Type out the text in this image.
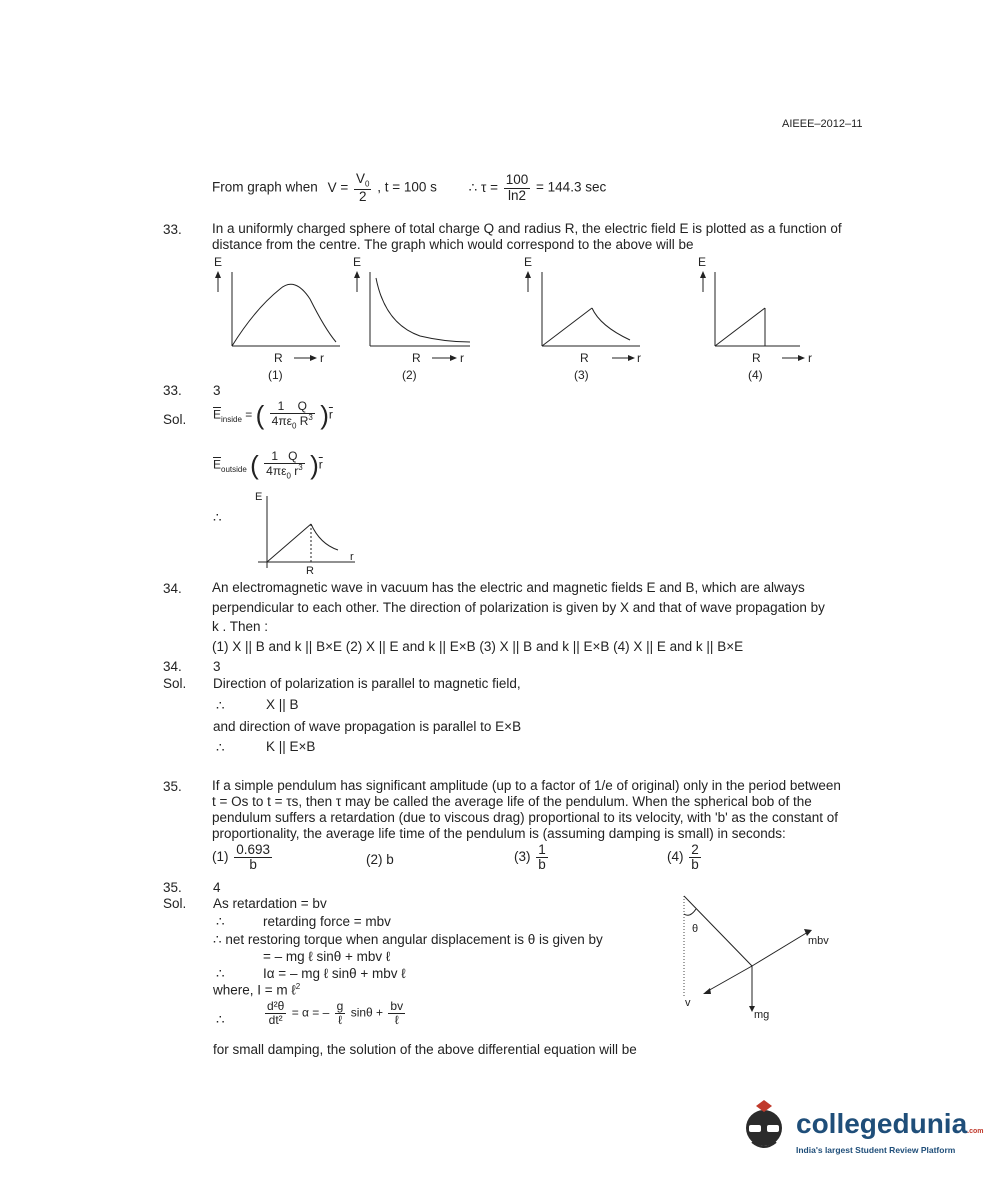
AIEEE–2012–11
From graph when $V = \frac{V_0}{2}$ , t = 100 s ∴ $\tau = \frac{100}{\ln 2} = 144.3$ sec
33. In a uniformly charged sphere of total charge Q and radius R, the electric field E is plotted as a function of distance from the centre. The graph which would correspond to the above will be
E
R	r
(1)
E
R	r
(2)
E
R	r
(3)
E
R	r
(4)
33. 3
Sol. $\overline{E}_{inside}$ = ( $\frac{1 Q}{4\pi\varepsilon_0 R^3} )\overline{r}$
$\overline{E}_{outside}$ ( $\frac{1 Q}{4\pi\varepsilon_0 r^3} )\overline{r}$
∴
E
r
R
34. An electromagnetic wave in vacuum has the electric and magnetic fields E and B, which are always
perpendicular to each other. The direction of polarization is given by X and that of wave propagation by
k . Then :
(1) X || B and k || B×E (2) X || E and k || E×B (3) X || B and k || E×B (4) X || E and k || B×E
34. 3
Sol. Direction of polarization is parallel to magnetic field,
∴	X || B
and direction of wave propagation is parallel to E×B
∴	K || E×B
35. If a simple pendulum has significant amplitude (up to a factor of 1/e of original) only in the period between
t = Os to t = τs, then τ may be called the average life of the pendulum. When the spherical bob of the
pendulum suffers a retardation (due to viscous drag) proportional to its velocity, with 'b' as the constant of
proportionality, the average life time of the pendulum is (assuming damping is small) in seconds:
$(1) \frac{0.693}{b}$	(2) b	$(3) \frac{1}{b}$	$(4) \frac{2}{b}$
35. 4
Sol. As retardation = bv
∴	retarding force = mbv
∴ net restoring torque when angular displacement is θ is given by
= – mg ℓ sinθ + mbv ℓ
∴	Iα = – mg ℓ sinθ + mbv ℓ
where, I = m ℓ$^2$
∴	$\frac{\text{d²θ}}{\text{dt²}} = \alpha$ = – $\frac{g}{\text{ℓ}}$ $\sin\theta + \frac{bv}{\text{ℓ}}$
for small damping, the solution of the above differential equation will be
θ
mbv
v
mg
collegedunia.com
India's largest Student Review Platform
